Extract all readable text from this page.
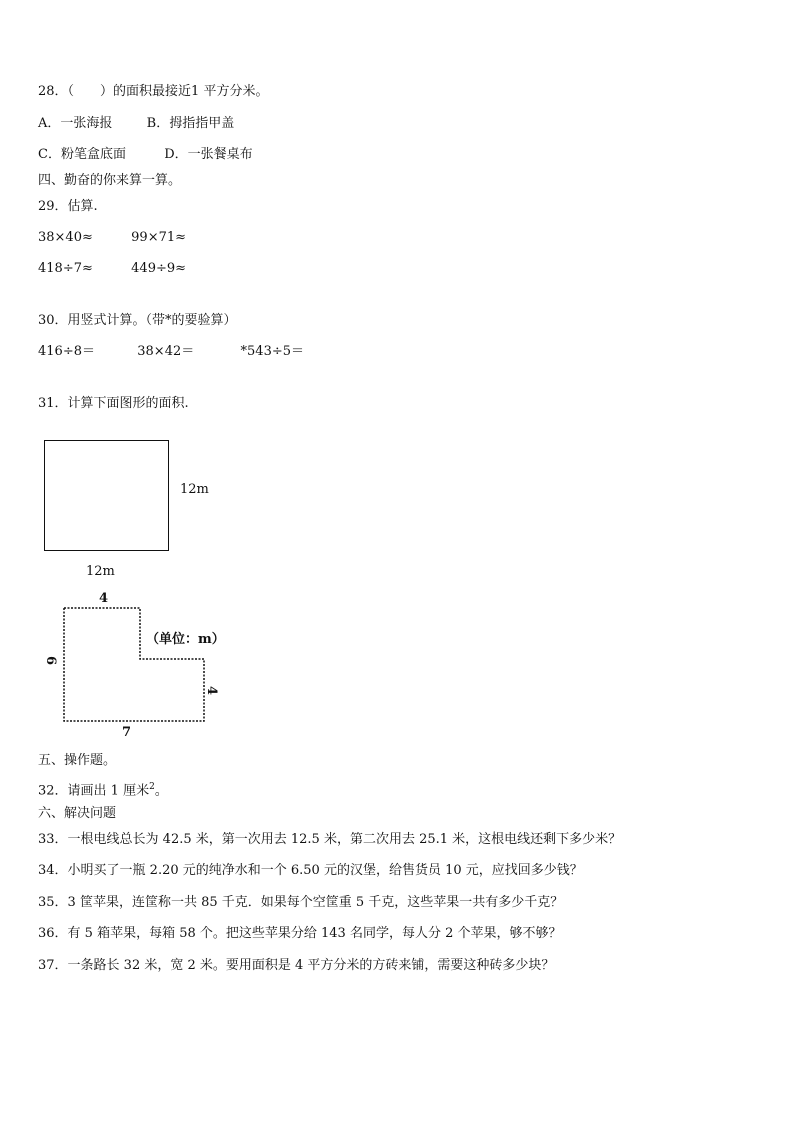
28．（　　）的面积最接近1 平方分米。
A．一张海报	B．拇指指甲盖
C．粉笔盒底面	D．一张餐桌布
四、勤奋的你来算一算。
29．估算.
38×40≈	99×71≈
418÷7≈	449÷9≈
30．用竖式计算。（带*的要验算）
416÷8＝	38×42＝	*543÷5＝
31．计算下面图形的面积.
12m
12m
4
6
4
7
（单位：m）
五、操作题。
32．请画出 1 厘米$^2$。
六、解决问题
33．一根电线总长为 42.5 米，第一次用去 12.5 米，第二次用去 25.1 米，这根电线还剩下多少米？
34．小明买了一瓶 2.20 元的纯净水和一个 6.50 元的汉堡，给售货员 10 元，应找回多少钱？
35．3 筐苹果，连筐称一共 85 千克．如果每个空筐重 5 千克，这些苹果一共有多少千克？
36．有 5 箱苹果，每箱 58 个。把这些苹果分给 143 名同学，每人分 2 个苹果，够不够？
37．一条路长 32 米，宽 2 米。要用面积是 4 平方分米的方砖来铺，需要这种砖多少块？
